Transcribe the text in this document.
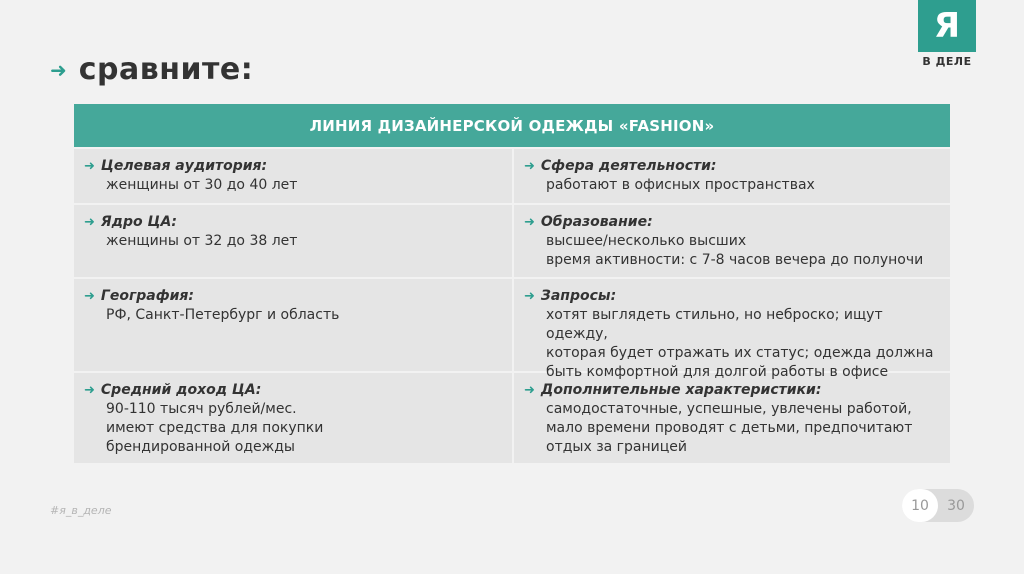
➜ сравните:
Я
В ДЕЛЕ
ЛИНИЯ ДИЗАЙНЕРСКОЙ ОДЕЖДЫ «FASHION»
➜ Целевая аудитория:
женщины от 30 до 40 лет
➜ Сфера деятельности:
работают в офисных пространствах
➜ Ядро ЦА:
женщины от 32 до 38 лет
➜ Образование:
высшее/несколько высших
время активности: с 7-8 часов вечера до полуночи
➜ География:
РФ, Санкт-Петербург и область
➜ Запросы:
хотят выглядеть стильно, но неброско; ищут одежду,
которая будет отражать их статус; одежда должна
быть комфортной для долгой работы в офисе
➜ Средний доход ЦА:
90-110 тысяч рублей/мес.
имеют средства для покупки
брендированной одежды
➜ Дополнительные характеристики:
самодостаточные, успешные, увлечены работой,
мало времени проводят с детьми, предпочитают
отдых за границей
#я_в_деле	10	30
